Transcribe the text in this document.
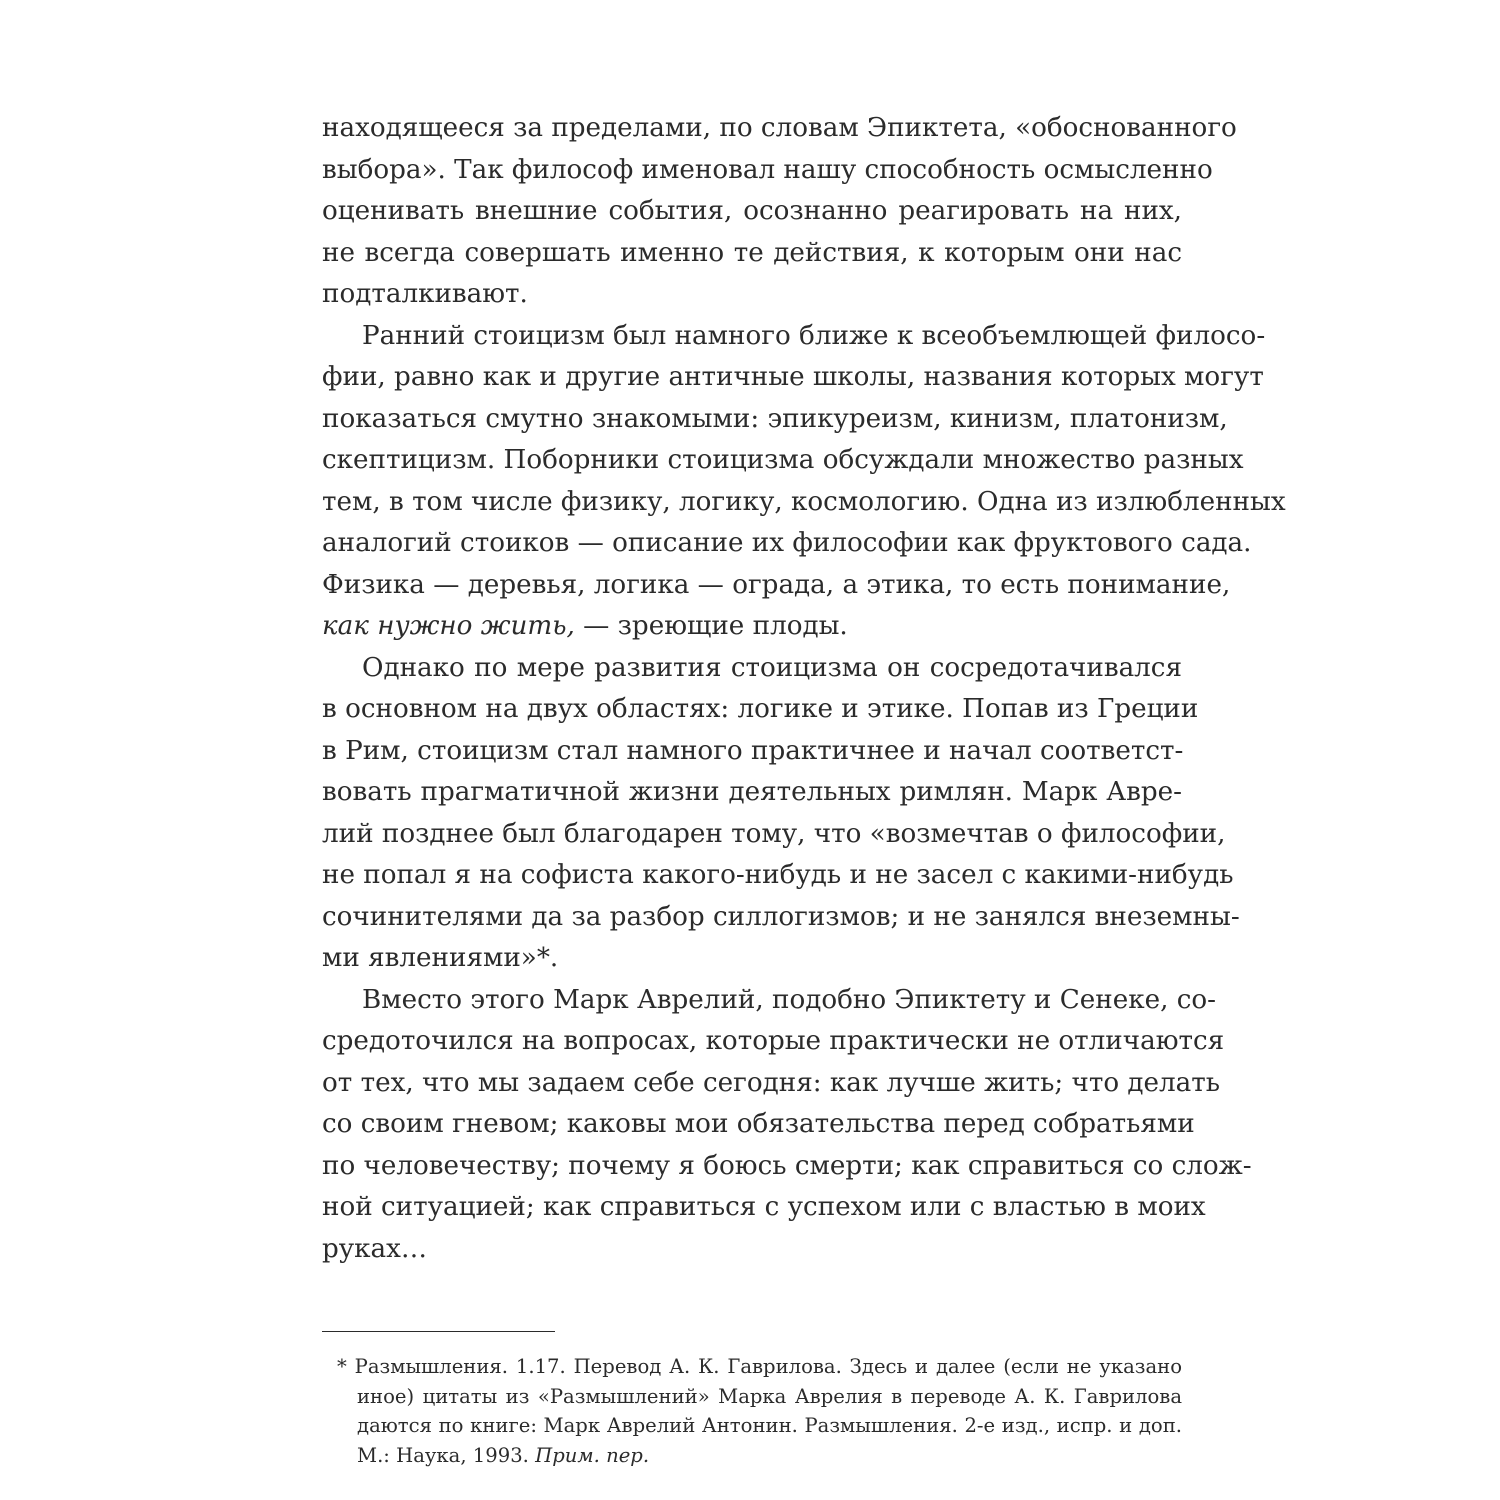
находящееся за пределами, по словам Эпиктета, «обоснованного
выбора». Так философ именовал нашу способность осмысленно
оценивать внешние события, осознанно реагировать на них,
не всегда совершать именно те действия, к которым они нас
подталкивают.

Ранний стоицизм был намного ближе к всеобъемлющей филосо-
фии, равно как и другие античные школы, названия которых могут
показаться смутно знакомыми: эпикуреизм, кинизм, платонизм,
скептицизм. Поборники стоицизма обсуждали множество разных
тем, в том числе физику, логику, космологию. Одна из излюбленных
аналогий стоиков — описание их философии как фруктового сада.
Физика — деревья, логика — ограда, а этика, то есть понимание,
как нужно жить, — зреющие плоды.

Однако по мере развития стоицизма он сосредотачивался
в основном на двух областях: логике и этике. Попав из Греции
в Рим, стоицизм стал намного практичнее и начал соответст-
вовать прагматичной жизни деятельных римлян. Марк Авре-
лий позднее был благодарен тому, что «возмечтав о философии,
не попал я на софиста какого-нибудь и не засел с какими-нибудь
сочинителями да за разбор силлогизмов; и не занялся внеземны-
ми явлениями»*.

Вместо этого Марк Аврелий, подобно Эпиктету и Сенеке, со-
средоточился на вопросах, которые практически не отличаются
от тех, что мы задаем себе сегодня: как лучше жить; что делать
со своим гневом; каковы мои обязательства перед собратьями
по человечеству; почему я боюсь смерти; как справиться со слож-
ной ситуацией; как справиться с успехом или с властью в моих
руках…

* Размышления. 1.17. Перевод А. К. Гаврилова. Здесь и далее (если не указано
иное) цитаты из «Размышлений» Марка Аврелия в переводе А. К. Гаврилова
даются по книге: Марк Аврелий Антонин. Размышления. 2-е изд., испр. и доп.
М.: Наука, 1993. Прим. пер.
